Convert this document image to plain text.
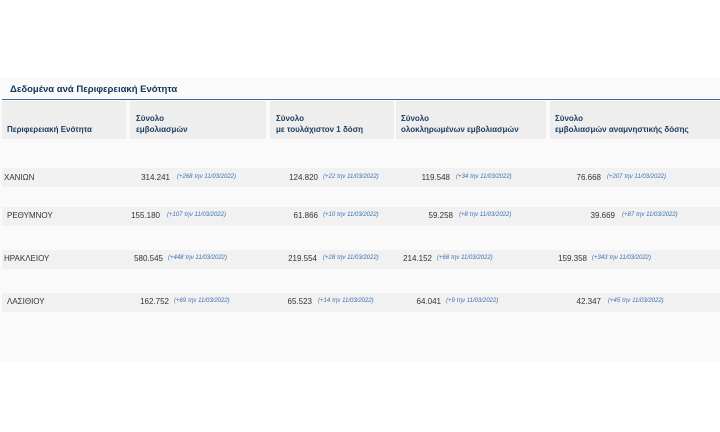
Δεδομένα ανά Περιφερειακή Ενότητα
Περιφερειακή Ενότητα
Σύνολο
εμβολιασμών
Σύνολο
με τουλάχιστον 1 δόση
Σύνολο
ολοκληρωμένων εμβολιασμών
Σύνολο
εμβολιασμών αναμνηστικής δόσης
ΧΑΝΙΩΝ	314.241 (+268 την 11/03/2022)	124.820 (+22 την 11/03/2022)	119.548 (+34 την 11/03/2022)	76.668 (+207 την 11/03/2022)
ΡΕΘΥΜΝΟΥ	155.180 (+107 την 11/03/2022)	61.866 (+10 την 11/03/2022)	59.258 (+8 την 11/03/2022)	39.669 (+87 την 11/03/2022)
ΗΡΑΚΛΕΙΟΥ	580.545 (+448 την 11/03/2022)	219.554 (+28 την 11/03/2022)	214.152 (+68 την 11/03/2022)	159.358 (+343 την 11/03/2022)
ΛΑΣΙΘΙΟΥ	162.752 (+69 την 11/03/2022)	65.523 (+14 την 11/03/2022)	64.041 (+9 την 11/03/2022)	42.347 (+45 την 11/03/2022)
